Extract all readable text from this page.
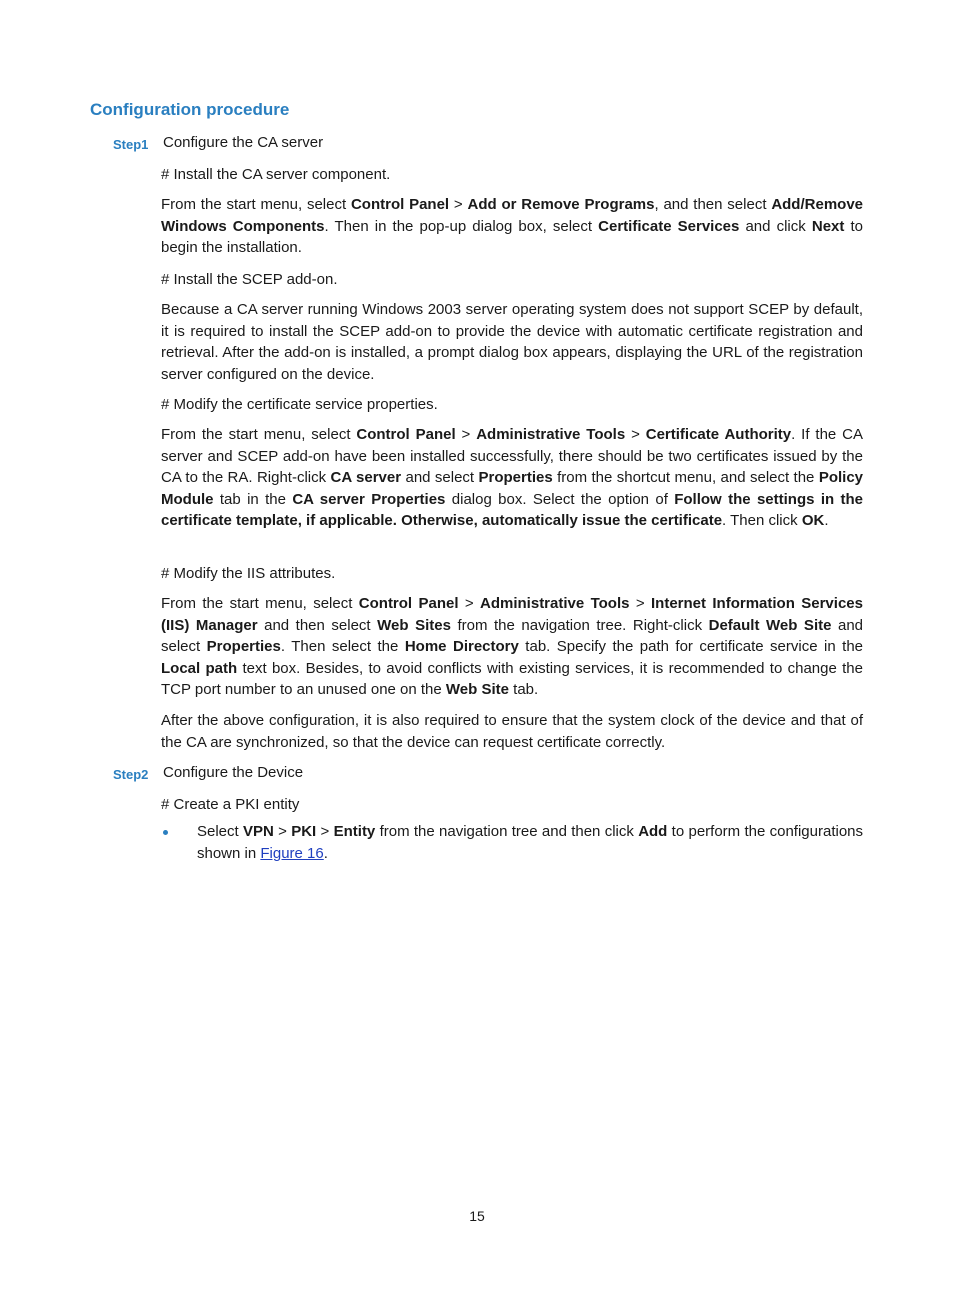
Configuration procedure
Step1 Configure the CA server

# Install the CA server component.

From the start menu, select Control Panel > Add or Remove Programs, and then select Add/Remove Windows Components. Then in the pop-up dialog box, select Certificate Services and click Next to begin the installation.

# Install the SCEP add-on.

Because a CA server running Windows 2003 server operating system does not support SCEP by default, it is required to install the SCEP add-on to provide the device with automatic certificate registration and retrieval. After the add-on is installed, a prompt dialog box appears, displaying the URL of the registration server configured on the device.

# Modify the certificate service properties.

From the start menu, select Control Panel > Administrative Tools > Certificate Authority. If the CA server and SCEP add-on have been installed successfully, there should be two certificates issued by the CA to the RA. Right-click CA server and select Properties from the shortcut menu, and select the Policy Module tab in the CA server Properties dialog box. Select the option of Follow the settings in the certificate template, if applicable. Otherwise, automatically issue the certificate. Then click OK.

# Modify the IIS attributes.

From the start menu, select Control Panel > Administrative Tools > Internet Information Services (IIS) Manager and then select Web Sites from the navigation tree. Right-click Default Web Site and select Properties. Then select the Home Directory tab. Specify the path for certificate service in the Local path text box. Besides, to avoid conflicts with existing services, it is recommended to change the TCP port number to an unused one on the Web Site tab.

After the above configuration, it is also required to ensure that the system clock of the device and that of the CA are synchronized, so that the device can request certificate correctly.

Step2 Configure the Device

# Create a PKI entity

Select VPN > PKI > Entity from the navigation tree and then click Add to perform the configurations shown in Figure 16.

15
